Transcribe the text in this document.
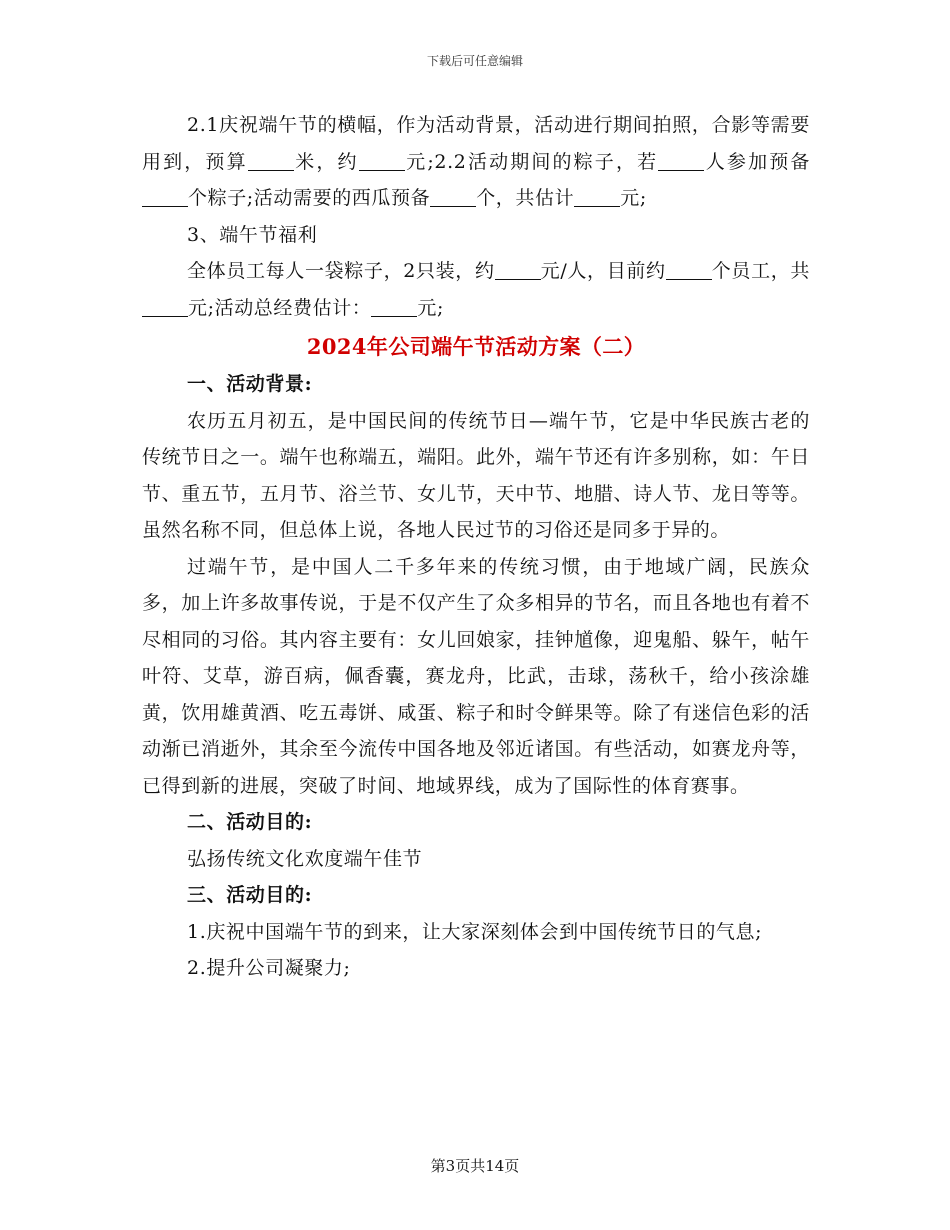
下载后可任意编辑

2.1庆祝端午节的横幅，作为活动背景，活动进行期间拍照，合影等需要用到，预算 米，约 元;2.2活动期间的粽子，若 人参加预备个粽子;活动需要的西瓜预备 个，共估计 元;

3、端午节福利

全体员工每人一袋粽子，2只装，约 元/人，目前约 个员工，共元;活动总经费估计： 元;

2024年公司端午节活动方案（二）

一、活动背景:

农历五月初五，是中国民间的传统节日—端午节，它是中华民族古老的传统节日之一。端午也称端五，端阳。此外，端午节还有许多别称，如：午日节、重五节，五月节、浴兰节、女儿节，天中节、地腊、诗人节、龙日等等。虽然名称不同，但总体上说，各地人民过节的习俗还是同多于异的。

过端午节，是中国人二千多年来的传统习惯，由于地域广阔，民族众多，加上许多故事传说，于是不仅产生了众多相异的节名，而且各地也有着不尽相同的习俗。其内容主要有：女儿回娘家，挂钟馗像，迎鬼船、躲午，帖午叶符、艾草，游百病，佩香囊，赛龙舟，比武，击球，荡秋千，给小孩涂雄黄，饮用雄黄酒、吃五毒饼、咸蛋、粽子和时令鲜果等。除了有迷信色彩的活动渐已消逝外，其余至今流传中国各地及邻近诸国。有些活动，如赛龙舟等，已得到新的进展，突破了时间、地域界线，成为了国际性的体育赛事。

二、活动目的:

弘扬传统文化欢度端午佳节

三、活动目的:

1.庆祝中国端午节的到来，让大家深刻体会到中国传统节日的气息;

2.提升公司凝聚力;

第3页共14页
